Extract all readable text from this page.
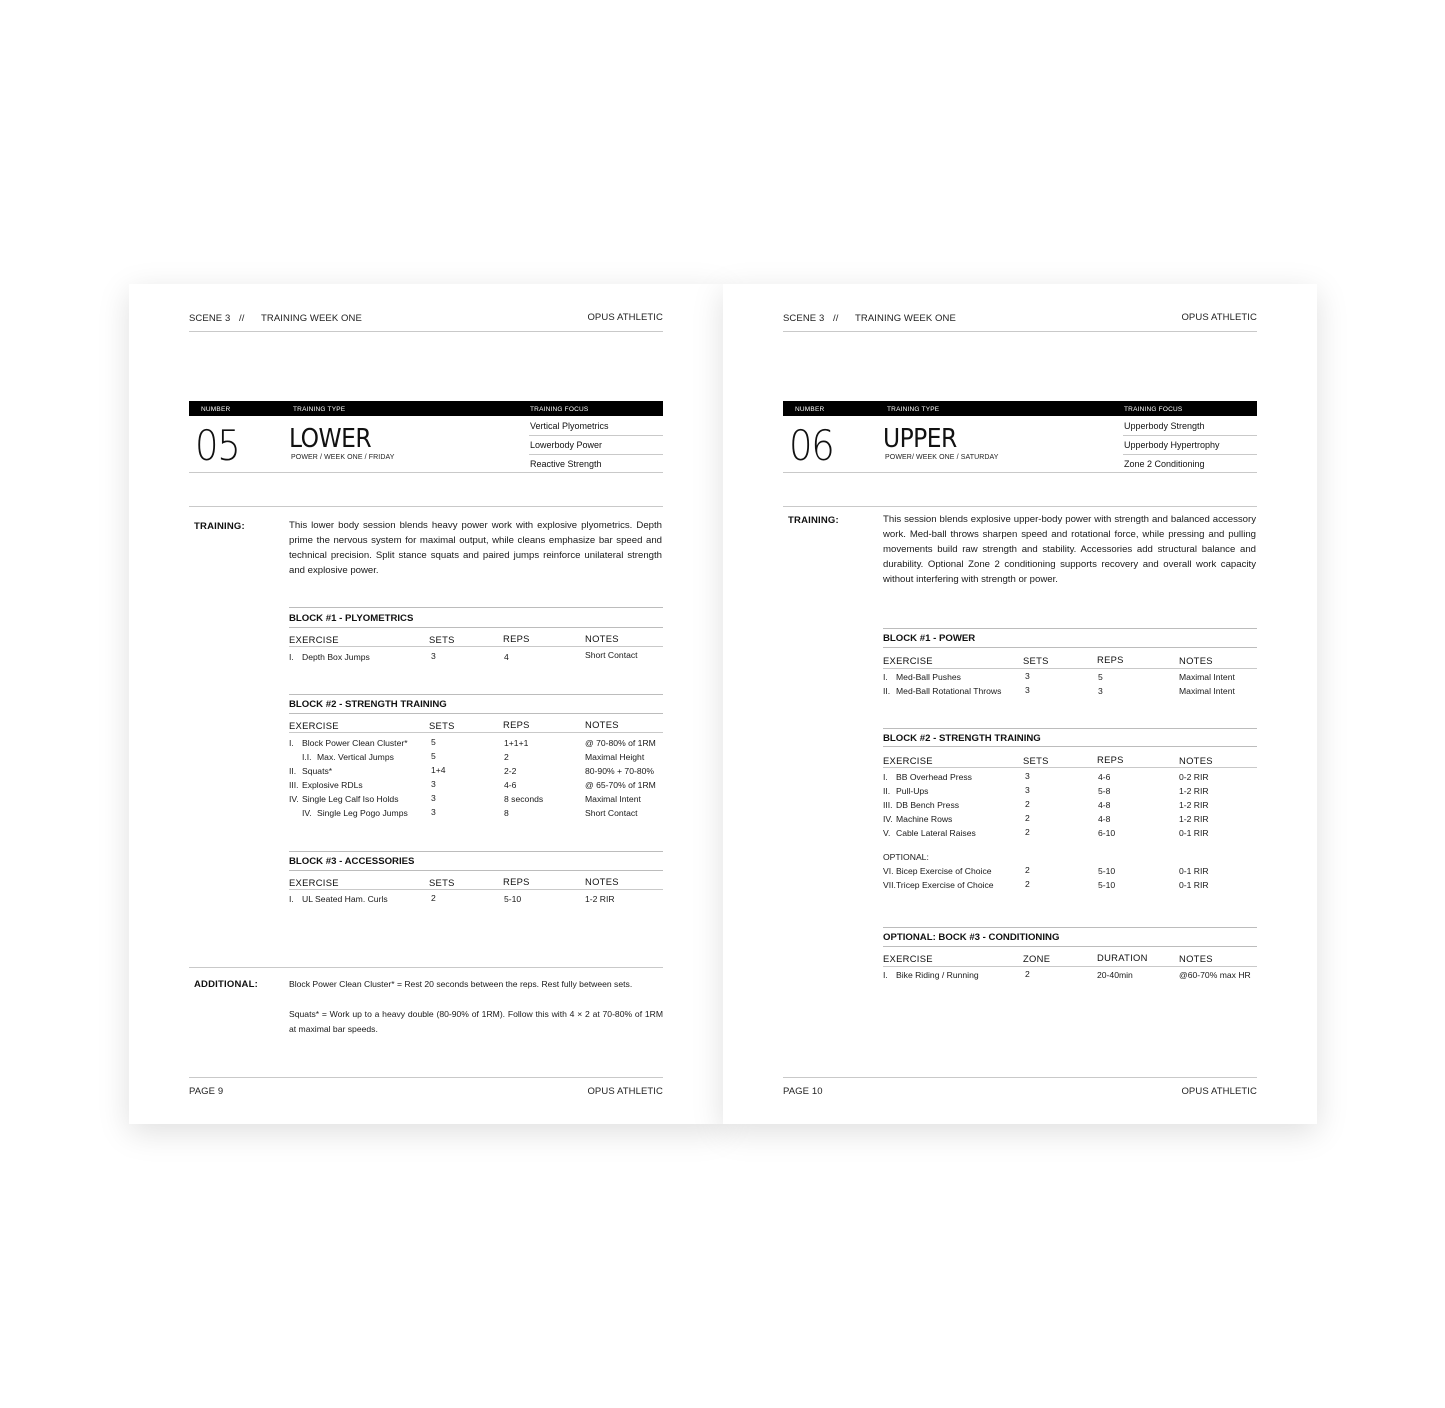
SCENE 3 // TRAINING WEEK ONE	OPUS ATHLETIC
NUMBER	TRAINING TYPE	TRAINING FOCUS
05 LOWER
POWER / WEEK ONE / FRIDAY
Vertical Plyometrics
Lowerbody Power
Reactive Strength
TRAINING:	This lower body session blends heavy power work with explosive plyometrics. Depth prime the nervous system for maximal output, while cleans emphasize bar speed and technical precision. Split stance squats and paired jumps reinforce unilateral strength and explosive power.
BLOCK #1 - PLYOMETRICS
EXERCISE	SETS	REPS	NOTES
I. Depth Box Jumps	3	4	Short Contact
BLOCK #2 - STRENGTH TRAINING
EXERCISE	SETS	REPS	NOTES
I. Block Power Clean Cluster*	5	1+1+1	@ 70-80% of 1RM
I.I. Max. Vertical Jumps	5	2	Maximal Height
II. Squats*	1+4	2-2	80-90% + 70-80%
III. Explosive RDLs	3	4-6	@ 65-70% of 1RM
IV. Single Leg Calf Iso Holds	3	8 seconds	Maximal Intent
IV. Single Leg Pogo Jumps	3	8	Short Contact
BLOCK #3 - ACCESSORIES
EXERCISE	SETS	REPS	NOTES
I. UL Seated Ham. Curls	2	5-10	1-2 RIR
ADDITIONAL:	Block Power Clean Cluster* = Rest 20 seconds between the reps. Rest fully between sets.
Squats* = Work up to a heavy double (80-90% of 1RM). Follow this with 4 × 2 at 70-80% of 1RM at maximal bar speeds.
PAGE 9	OPUS ATHLETIC
SCENE 3 // TRAINING WEEK ONE	OPUS ATHLETIC
NUMBER	TRAINING TYPE	TRAINING FOCUS
06 UPPER
POWER/ WEEK ONE / SATURDAY
Upperbody Strength
Upperbody Hypertrophy
Zone 2 Conditioning
TRAINING:	This session blends explosive upper-body power with strength and balanced accessory work. Med-ball throws sharpen speed and rotational force, while pressing and pulling movements build raw strength and stability. Accessories add structural balance and durability. Optional Zone 2 conditioning supports recovery and overall work capacity without interfering with strength or power.
BLOCK #1 - POWER
EXERCISE	SETS	REPS	NOTES
I. Med-Ball Pushes	3	5	Maximal Intent
II. Med-Ball Rotational Throws	3	3	Maximal Intent
BLOCK #2 - STRENGTH TRAINING
EXERCISE	SETS	REPS	NOTES
I. BB Overhead Press	3	4-6	0-2 RIR
II. Pull-Ups	3	5-8	1-2 RIR
III. DB Bench Press	2	4-8	1-2 RIR
IV. Machine Rows	2	4-8	1-2 RIR
V. Cable Lateral Raises	2	6-10	0-1 RIR
OPTIONAL:
VI. Bicep Exercise of Choice	2	5-10	0-1 RIR
VII.Tricep Exercise of Choice	2	5-10	0-1 RIR
OPTIONAL: BOCK #3 - CONDITIONING
EXERCISE	ZONE	DURATION	NOTES
I. Bike Riding / Running	2	20-40min	@60-70% max HR
PAGE 10	OPUS ATHLETIC
